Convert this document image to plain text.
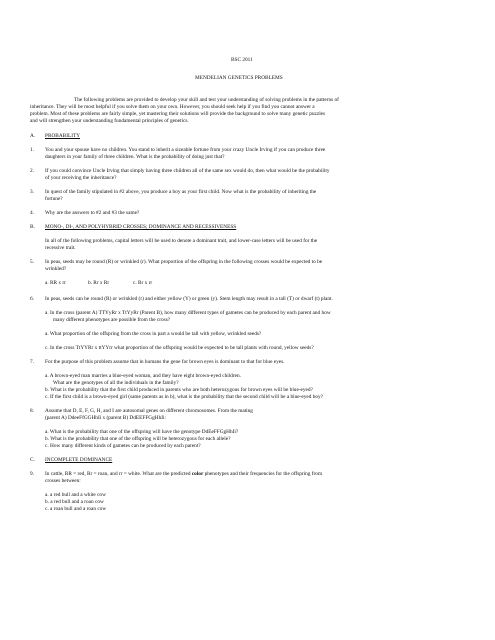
BSC 2011
MENDELIAN GENETICS PROBLEMS
The following problems are provided to develop your skill and test your understanding of solving problems in the patterns of
inheritance. They will be most helpful if you solve them on your own. However, you should seek help if you find you cannot answer a
problem. Most of these problems are fairly simple, yet mastering their solutions will provide the background to solve many genetic puzzles
and will strengthen your understanding fundamental principles of genetics.
A. PROBABILITY
1. You and your spouse have no children. You stand to inherit a sizeable fortune from your crazy Uncle Irving if you can produce three
daughters in your family of three children. What is the probability of doing just that?
2. If you could convince Uncle Irving that simply having three children all of the same sex would do, then what would be the probability
of your receiving the inheritance?
3. In quest of the family stipulated in #2 above, you produce a boy as your first child. Now what is the probability of inheriting the
fortune?
4. Why are the answers to #2 and #3 the same?
B. MONO-, DI-, AND POLYHYBRID CROSSES; DOMINANCE AND RECESSIVENESS
In all of the following problems, capital letters will be used to denote a dominant trait, and lower-case letters will be used for the
recessive trait.
5. In peas, seeds may be round (R) or wrinkled (r). What proportion of the offspring in the following crosses would be expected to be
wrinkled?
a. RR x rr	b. Rr x Rr	c. Rr x rr
6. In peas, seeds can be round (R) or wrinkled (r) and either yellow (Y) or green (y). Stem length may result in a tall (T) or dwarf (t) plant.
a. In the cross (parent A) TTYyRr x TtYyRr (Parent B), how many different types of gametes can be produced by each parent and how
many different phenotypes are possible from the cross?
a. What proportion of the offspring from the cross in part a would be tall with yellow, wrinkled seeds?
c. In the cross TtYYRr x ttYYrr what proportion of the offspring would be expected to be tall plants with round, yellow seeds?
7. For the purpose of this problem assume that in humans the gene for brown eyes is dominant to that for blue eyes.
a. A brown-eyed man marries a blue-eyed woman, and they have eight brown-eyed children.
What are the genotypes of all the individuals in the family?
b. What is the probability that the first child produced in parents who are both heterozygous for brown eyes will be blue-eyed?
c. If the first child is a brown-eyed girl (same parents as in b), what is the probability that the second child will be a blue-eyed boy?
8. Assume that D, E, F, G, H, and I are autosomal genes on different chromosomes. From the mating
(parent A) DdeeFfGGHhIi x (parent B) DdEEFFGgHhIi:
a. What is the probability that one of the offspring will have the genotype DdEeFFGgHhIi?
b. What is the probability that one of the offspring will be heterozygous for each allele?
c. How many different kinds of gametes can be produced by each parent?
C. INCOMPLETE DOMINANCE
9. In cattle, RR = red, Rr = roan, and rr = white. What are the predicted color phenotypes and their frequencies for the offspring from
crosses between:
a. a red bull and a white cow
b. a red bull and a roan cow
c. a roan bull and a roan cow
